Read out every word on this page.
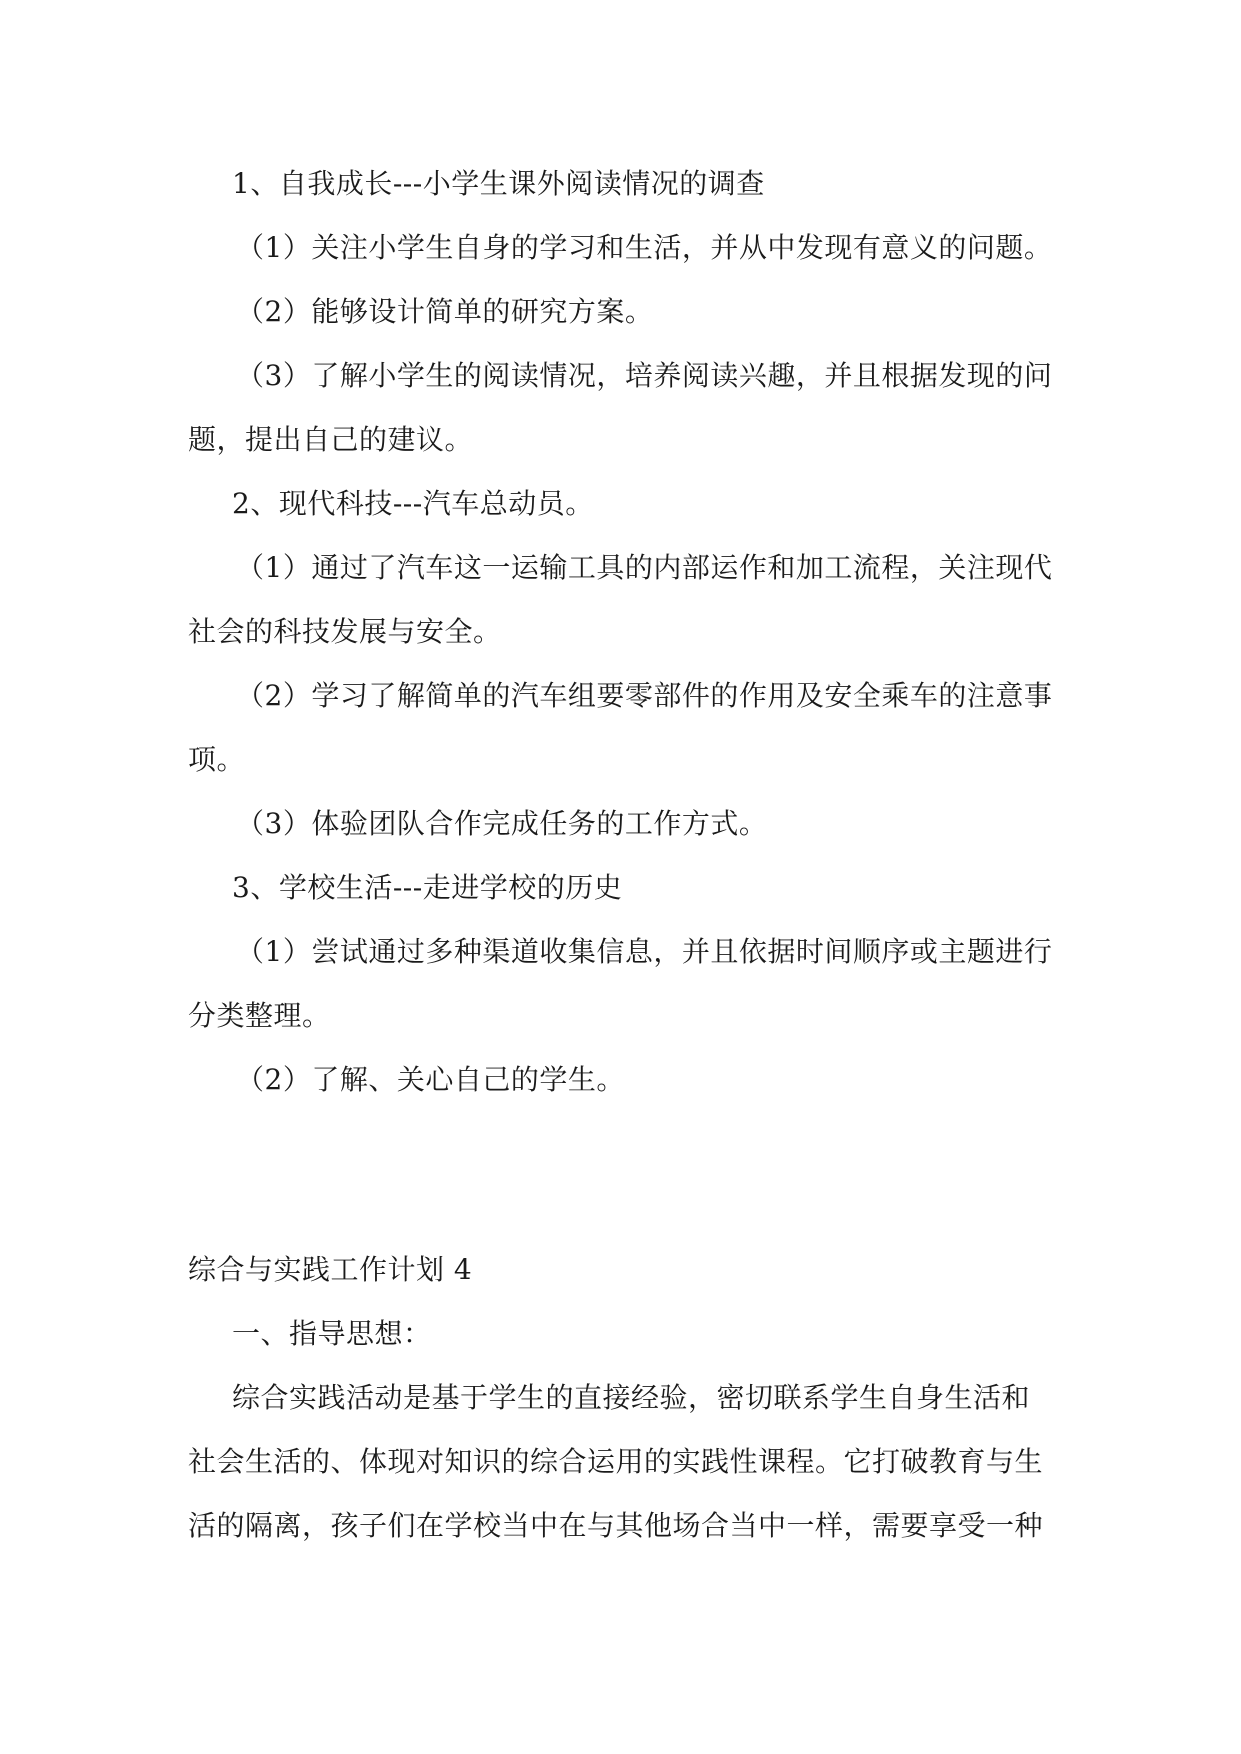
1、自我成长---小学生课外阅读情况的调查
（1）关注小学生自身的学习和生活，并从中发现有意义的问题。
（2）能够设计简单的研究方案。
（3）了解小学生的阅读情况，培养阅读兴趣，并且根据发现的问
题，提出自己的建议。
2、现代科技---汽车总动员。
（1）通过了汽车这一运输工具的内部运作和加工流程，关注现代
社会的科技发展与安全。
（2）学习了解简单的汽车组要零部件的作用及安全乘车的注意事
项。
（3）体验团队合作完成任务的工作方式。
3、学校生活---走进学校的历史
（1）尝试通过多种渠道收集信息，并且依据时间顺序或主题进行
分类整理。
（2）了解、关心自己的学生。
综合与实践工作计划 4
一、指导思想：
综合实践活动是基于学生的直接经验，密切联系学生自身生活和
社会生活的、体现对知识的综合运用的实践性课程。它打破教育与生
活的隔离，孩子们在学校当中在与其他场合当中一样，需要享受一种
